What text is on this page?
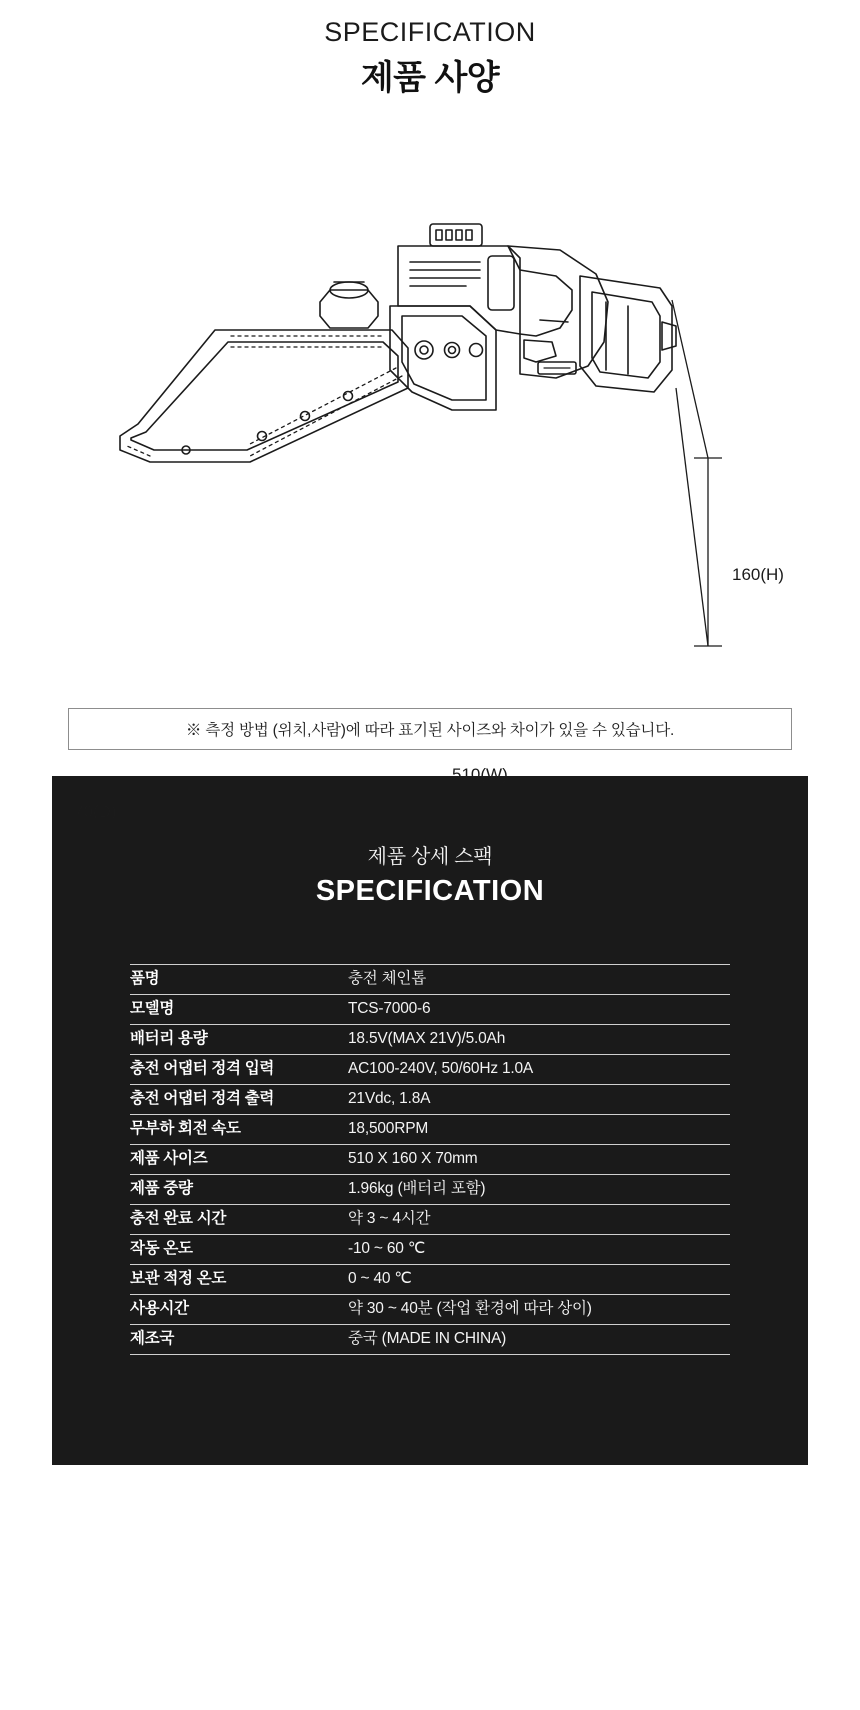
SPECIFICATION
제품 사양
160(H)
510(W)
70(D)
※ 측정 방법 (위치,사람)에 따라 표기된 사이즈와 차이가 있을 수 있습니다.
제품 상세 스팩
SPECIFICATION
품명	충전 체인톱
모델명	TCS-7000-6
배터리 용량	18.5V(MAX 21V)/5.0Ah
충전 어댑터 정격 입력	AC100-240V, 50/60Hz 1.0A
충전 어댑터 정격 출력	21Vdc, 1.8A
무부하 회전 속도	18,500RPM
제품 사이즈	510 X 160 X 70mm
제품 중량	1.96kg (배터리 포함)
충전 완료 시간	약 3 ~ 4시간
작동 온도	-10 ~ 60 ℃
보관 적정 온도	0 ~ 40 ℃
사용시간	약 30 ~ 40분 (작업 환경에 따라 상이)
제조국	중국 (MADE IN CHINA)
